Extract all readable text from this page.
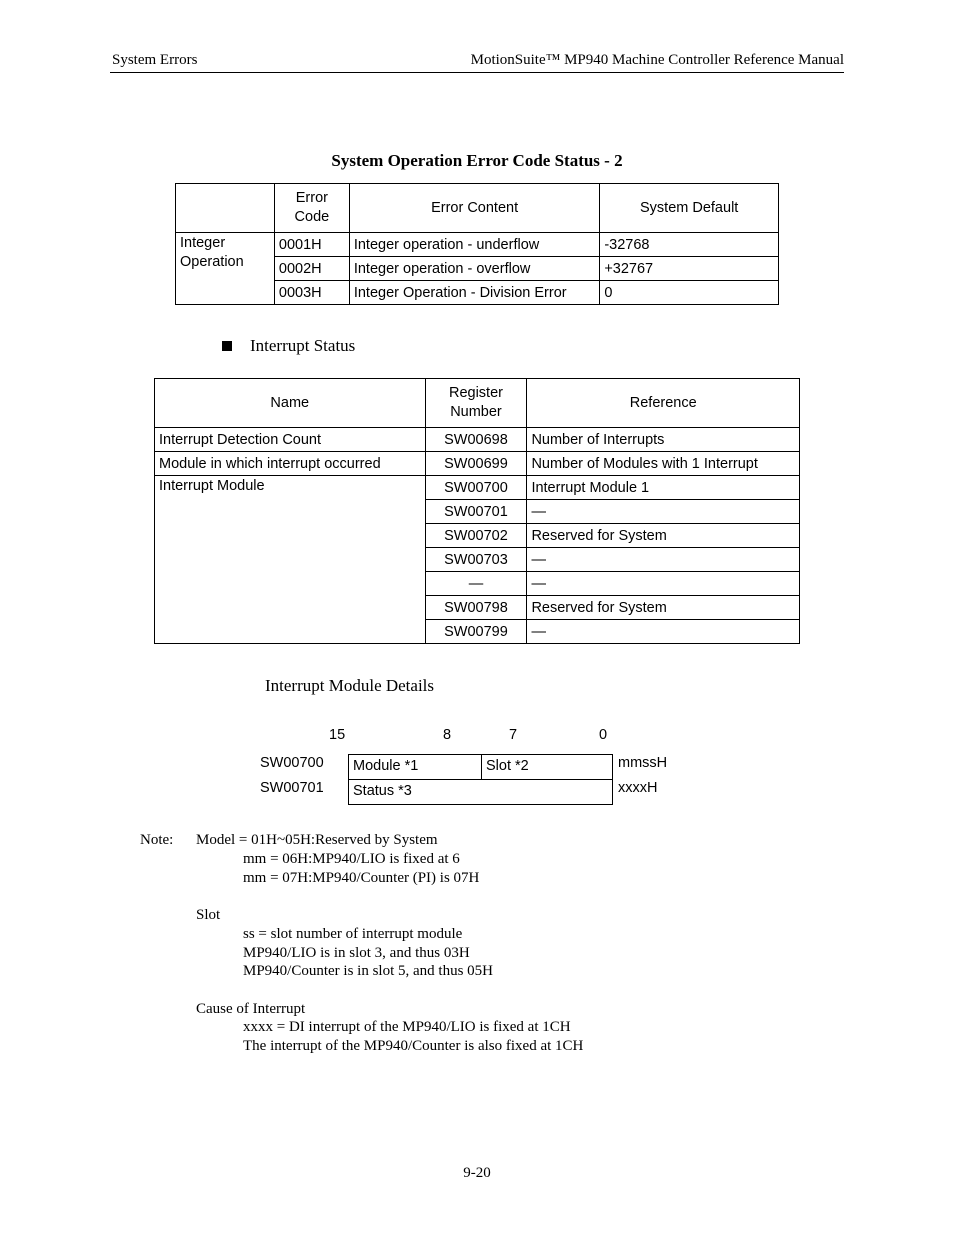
System Errors	MotionSuite™ MP940 Machine Controller Reference Manual
System Operation Error Code Status - 2
	Error Code	Error Content	System Default
Integer Operation	0001H	Integer operation - underflow	-32768
	0002H	Integer operation - overflow	+32767
	0003H	Integer Operation - Division Error	0
Interrupt Status
Name	Register Number	Reference
Interrupt Detection Count	SW00698	Number of Interrupts
Module in which interrupt occurred	SW00699	Number of Modules with 1 Interrupt
Interrupt Module	SW00700	Interrupt Module 1
	SW00701	—
	SW00702	Reserved for System
	SW00703	—
	—	—
	SW00798	Reserved for System
	SW00799	—
Interrupt Module Details
15	8	7	0
SW00700	Module *1	Slot *2	mmssH
SW00701	Status *3	xxxxH
Note: Model = 01H~05H:Reserved by System
mm = 06H:MP940/LIO is fixed at 6
mm = 07H:MP940/Counter (PI) is 07H
Slot
ss = slot number of interrupt module
MP940/LIO is in slot 3, and thus 03H
MP940/Counter is in slot 5, and thus 05H
Cause of Interrupt
xxxx = DI interrupt of the MP940/LIO is fixed at 1CH
The interrupt of the MP940/Counter is also fixed at 1CH
9-20
